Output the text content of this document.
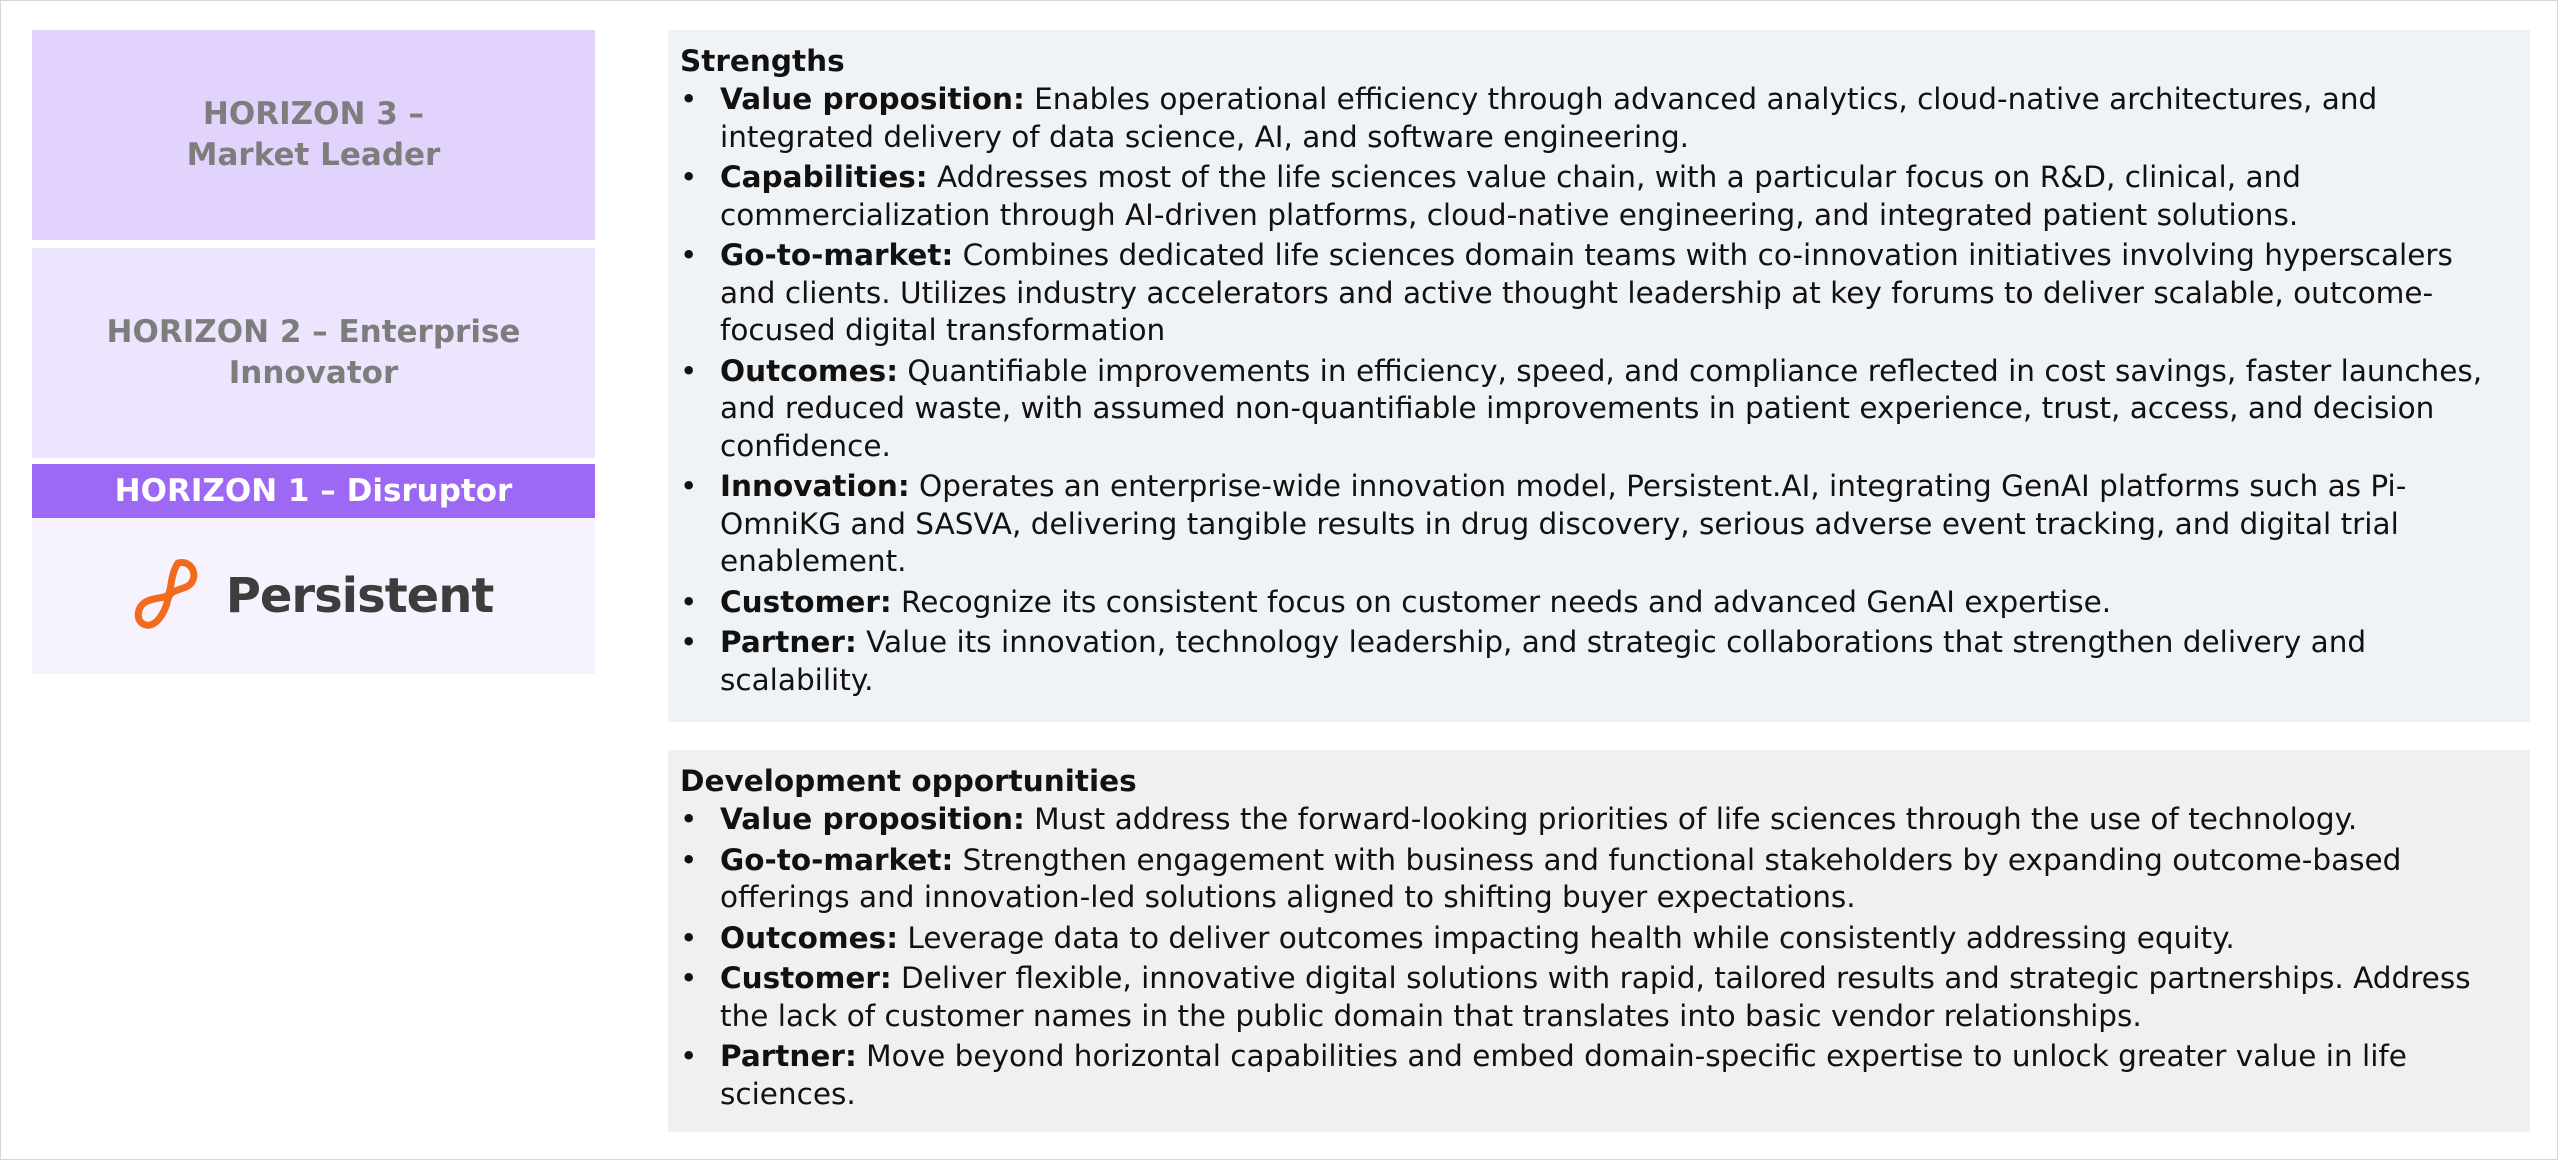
HORIZON 3 –
Market Leader
HORIZON 2 – Enterprise
Innovator
HORIZON 1 – Disruptor
Persistent
Strengths
• Value proposition: Enables operational efficiency through advanced analytics, cloud-native architectures, and integrated delivery of data science, AI, and software engineering.
• Capabilities: Addresses most of the life sciences value chain, with a particular focus on R&D, clinical, and commercialization through AI-driven platforms, cloud-native engineering, and integrated patient solutions.
• Go-to-market: Combines dedicated life sciences domain teams with co-innovation initiatives involving hyperscalers and clients. Utilizes industry accelerators and active thought leadership at key forums to deliver scalable, outcome-focused digital transformation
• Outcomes: Quantifiable improvements in efficiency, speed, and compliance reflected in cost savings, faster launches, and reduced waste, with assumed non-quantifiable improvements in patient experience, trust, access, and decision confidence.
• Innovation: Operates an enterprise-wide innovation model, Persistent.AI, integrating GenAI platforms such as Pi-OmniKG and SASVA, delivering tangible results in drug discovery, serious adverse event tracking, and digital trial enablement.
• Customer: Recognize its consistent focus on customer needs and advanced GenAI expertise.
• Partner: Value its innovation, technology leadership, and strategic collaborations that strengthen delivery and scalability.
Development opportunities
• Value proposition: Must address the forward-looking priorities of life sciences through the use of technology.
• Go-to-market: Strengthen engagement with business and functional stakeholders by expanding outcome-based offerings and innovation-led solutions aligned to shifting buyer expectations.
• Outcomes: Leverage data to deliver outcomes impacting health while consistently addressing equity.
• Customer: Deliver flexible, innovative digital solutions with rapid, tailored results and strategic partnerships. Address the lack of customer names in the public domain that translates into basic vendor relationships.
• Partner: Move beyond horizontal capabilities and embed domain-specific expertise to unlock greater value in life sciences.
